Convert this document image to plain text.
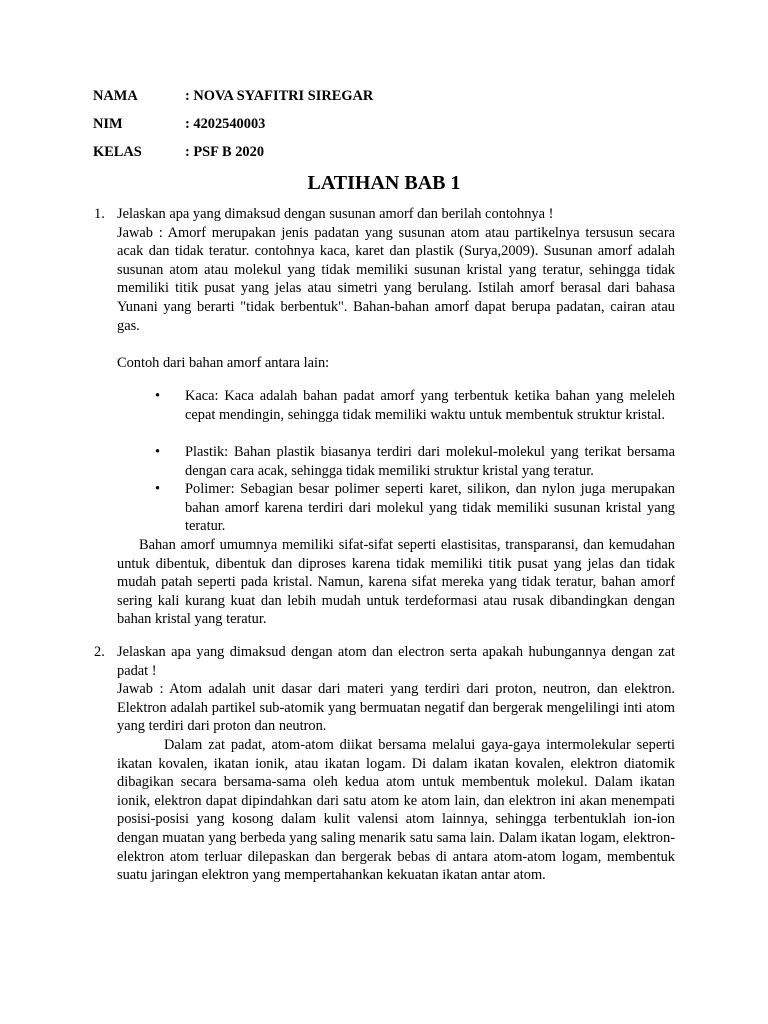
NAMA	: NOVA SYAFITRI SIREGAR
NIM	: 4202540003
KELAS	: PSF B 2020
LATIHAN BAB 1
1. Jelaskan apa yang dimaksud dengan susunan amorf dan berilah contohnya !
Jawab : Amorf merupakan jenis padatan yang susunan atom atau partikelnya tersusun secara acak dan tidak teratur. contohnya kaca, karet dan plastik (Surya,2009). Susunan amorf adalah susunan atom atau molekul yang tidak memiliki susunan kristal yang teratur, sehingga tidak memiliki titik pusat yang jelas atau simetri yang berulang. Istilah amorf berasal dari bahasa Yunani yang berarti "tidak berbentuk". Bahan-bahan amorf dapat berupa padatan, cairan atau gas.
Contoh dari bahan amorf antara lain:
• Kaca: Kaca adalah bahan padat amorf yang terbentuk ketika bahan yang meleleh cepat mendingin, sehingga tidak memiliki waktu untuk membentuk struktur kristal.
• Plastik: Bahan plastik biasanya terdiri dari molekul-molekul yang terikat bersama dengan cara acak, sehingga tidak memiliki struktur kristal yang teratur.
• Polimer: Sebagian besar polimer seperti karet, silikon, dan nylon juga merupakan bahan amorf karena terdiri dari molekul yang tidak memiliki susunan kristal yang teratur.
Bahan amorf umumnya memiliki sifat-sifat seperti elastisitas, transparansi, dan kemudahan untuk dibentuk, dibentuk dan diproses karena tidak memiliki titik pusat yang jelas dan tidak mudah patah seperti pada kristal. Namun, karena sifat mereka yang tidak teratur, bahan amorf sering kali kurang kuat dan lebih mudah untuk terdeformasi atau rusak dibandingkan dengan bahan kristal yang teratur.
2. Jelaskan apa yang dimaksud dengan atom dan electron serta apakah hubungannya dengan zat padat !
Jawab : Atom adalah unit dasar dari materi yang terdiri dari proton, neutron, dan elektron. Elektron adalah partikel sub-atomik yang bermuatan negatif dan bergerak mengelilingi inti atom yang terdiri dari proton dan neutron.
Dalam zat padat, atom-atom diikat bersama melalui gaya-gaya intermolekular seperti ikatan kovalen, ikatan ionik, atau ikatan logam. Di dalam ikatan kovalen, elektron diatomik dibagikan secara bersama-sama oleh kedua atom untuk membentuk molekul. Dalam ikatan ionik, elektron dapat dipindahkan dari satu atom ke atom lain, dan elektron ini akan menempati posisi-posisi yang kosong dalam kulit valensi atom lainnya, sehingga terbentuklah ion-ion dengan muatan yang berbeda yang saling menarik satu sama lain. Dalam ikatan logam, elektron-elektron atom terluar dilepaskan dan bergerak bebas di antara atom-atom logam, membentuk suatu jaringan elektron yang mempertahankan kekuatan ikatan antar atom.
